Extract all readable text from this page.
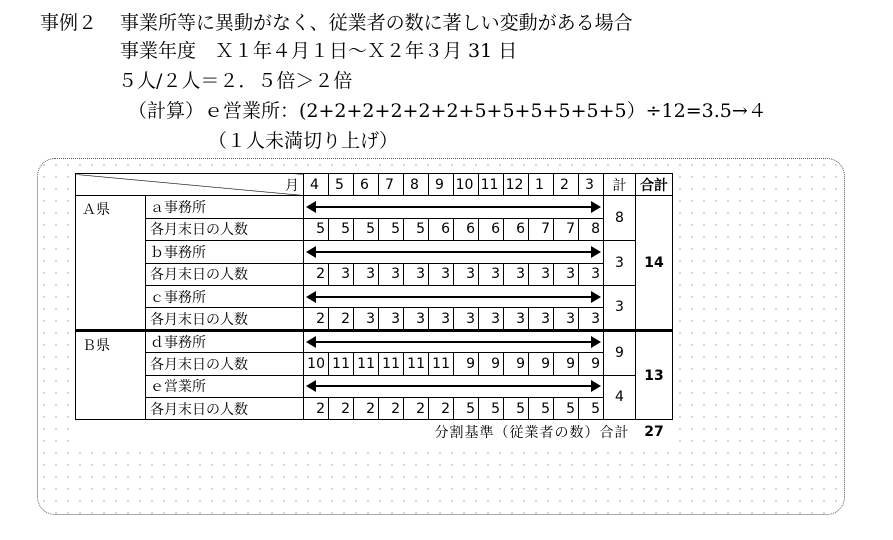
事例２ 事業所等に異動がなく、従業者の数に著しい変動がある場合
事業年度　Ｘ１年４月１日～Ｘ２年３月 31 日
５人/２人＝２．５倍＞２倍
（計算）ｅ営業所：(2+2+2+2+2+2+5+5+5+5+5+5）÷12=3.5→４
（１人未満切り上げ）
月		4	5	6	7	8	9	10	11	12	1	2	3	計	合計
Ａ県	ａ事務所													8	14
	各月末日の人数	5	5	5	5	5	6	6	6	6	7	7	8		
	ｂ事務所													3	
	各月末日の人数	2	3	3	3	3	3	3	3	3	3	3	3		
	ｃ事務所													3	
	各月末日の人数	2	2	3	3	3	3	3	3	3	3	3	3		
Ｂ県	ｄ事務所													9	13
	各月末日の人数	10	11	11	11	11	11	9	9	9	9	9	9		
	ｅ営業所													4	
	各月末日の人数	2	2	2	2	2	2	5	5	5	5	5	5		
分割基準（従業者の数）合計															27
